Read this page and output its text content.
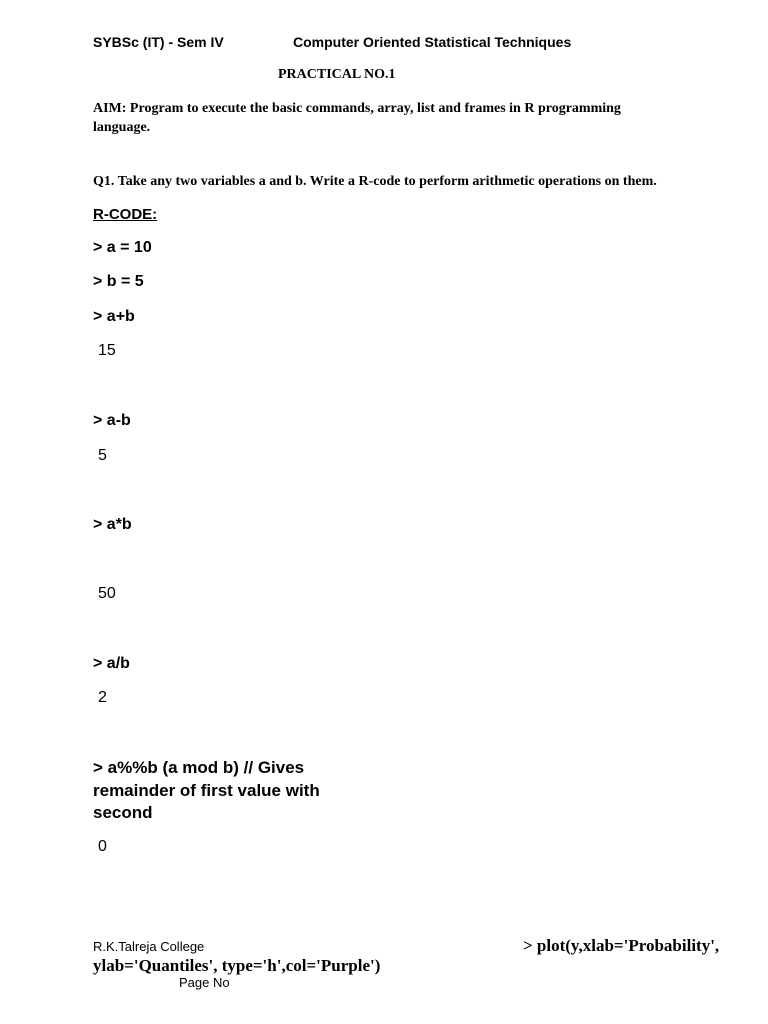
SYBSc (IT) - Sem IV	Computer Oriented Statistical Techniques
PRACTICAL NO.1
AIM: Program to execute the basic commands, array, list and frames in R programming
language.
Q1. Take any two variables a and b. Write a R-code to perform arithmetic operations on them.
R-CODE:
> a = 10
> b = 5
> a+b
15
> a-b
5
> a*b
50
> a/b
2
> a%%b (a mod b) // Gives remainder of first value with second
0
R.K.Talreja College	> plot(y,xlab='Probability',
ylab='Quantiles', type='h',col='Purple')
Page No
